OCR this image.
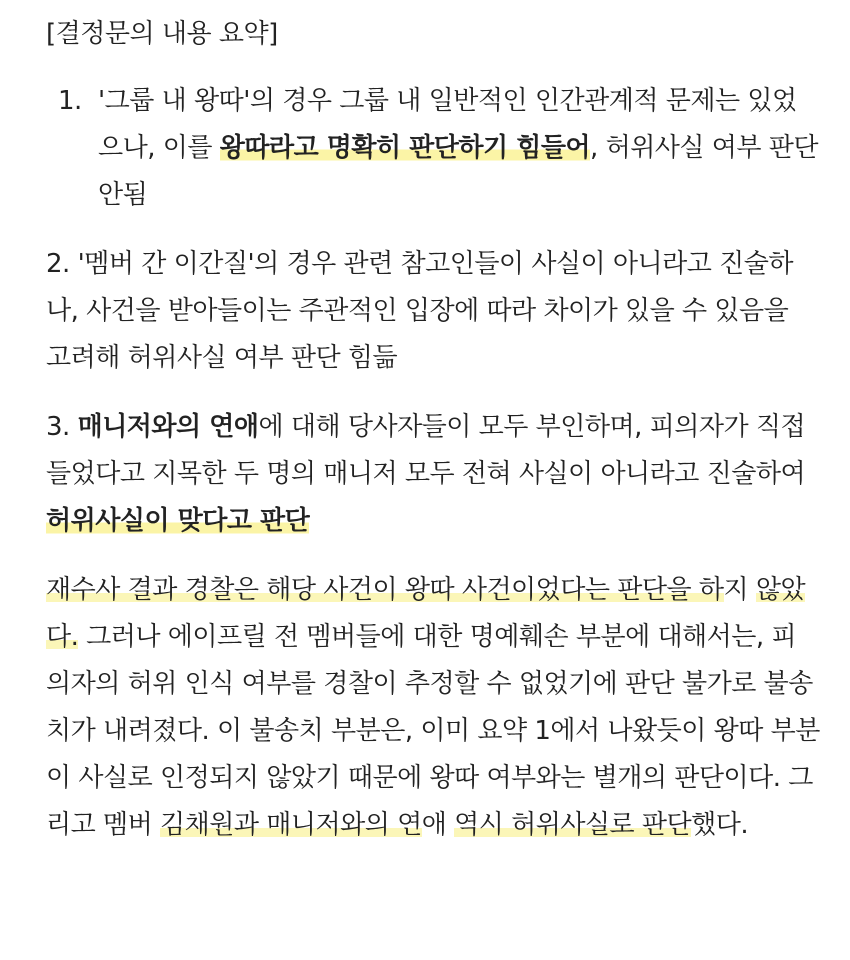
[결정문의 내용 요약]
1. '그룹 내 왕따'의 경우 그룹 내 일반적인 인간관계적 문제는 있었으나, 이를 왕따라고 명확히 판단하기 힘들어, 허위사실 여부 판단 안됨
2. '멤버 간 이간질'의 경우 관련 참고인들이 사실이 아니라고 진술하나, 사건을 받아들이는 주관적인 입장에 따라 차이가 있을 수 있음을 고려해 허위사실 여부 판단 힘듦
3. 매니저와의 연애에 대해 당사자들이 모두 부인하며, 피의자가 직접 들었다고 지목한 두 명의 매니저 모두 전혀 사실이 아니라고 진술하여 허위사실이 맞다고 판단
재수사 결과 경찰은 해당 사건이 왕따 사건이었다는 판단을 하지 않았다. 그러나 에이프릴 전 멤버들에 대한 명예훼손 부분에 대해서는, 피의자의 허위 인식 여부를 경찰이 추정할 수 없었기에 판단 불가로 불송치가 내려졌다. 이 불송치 부분은, 이미 요약 1에서 나왔듯이 왕따 부분이 사실로 인정되지 않았기 때문에 왕따 여부와는 별개의 판단이다. 그리고 멤버 김채원과 매니저와의 연애 역시 허위사실로 판단했다.
